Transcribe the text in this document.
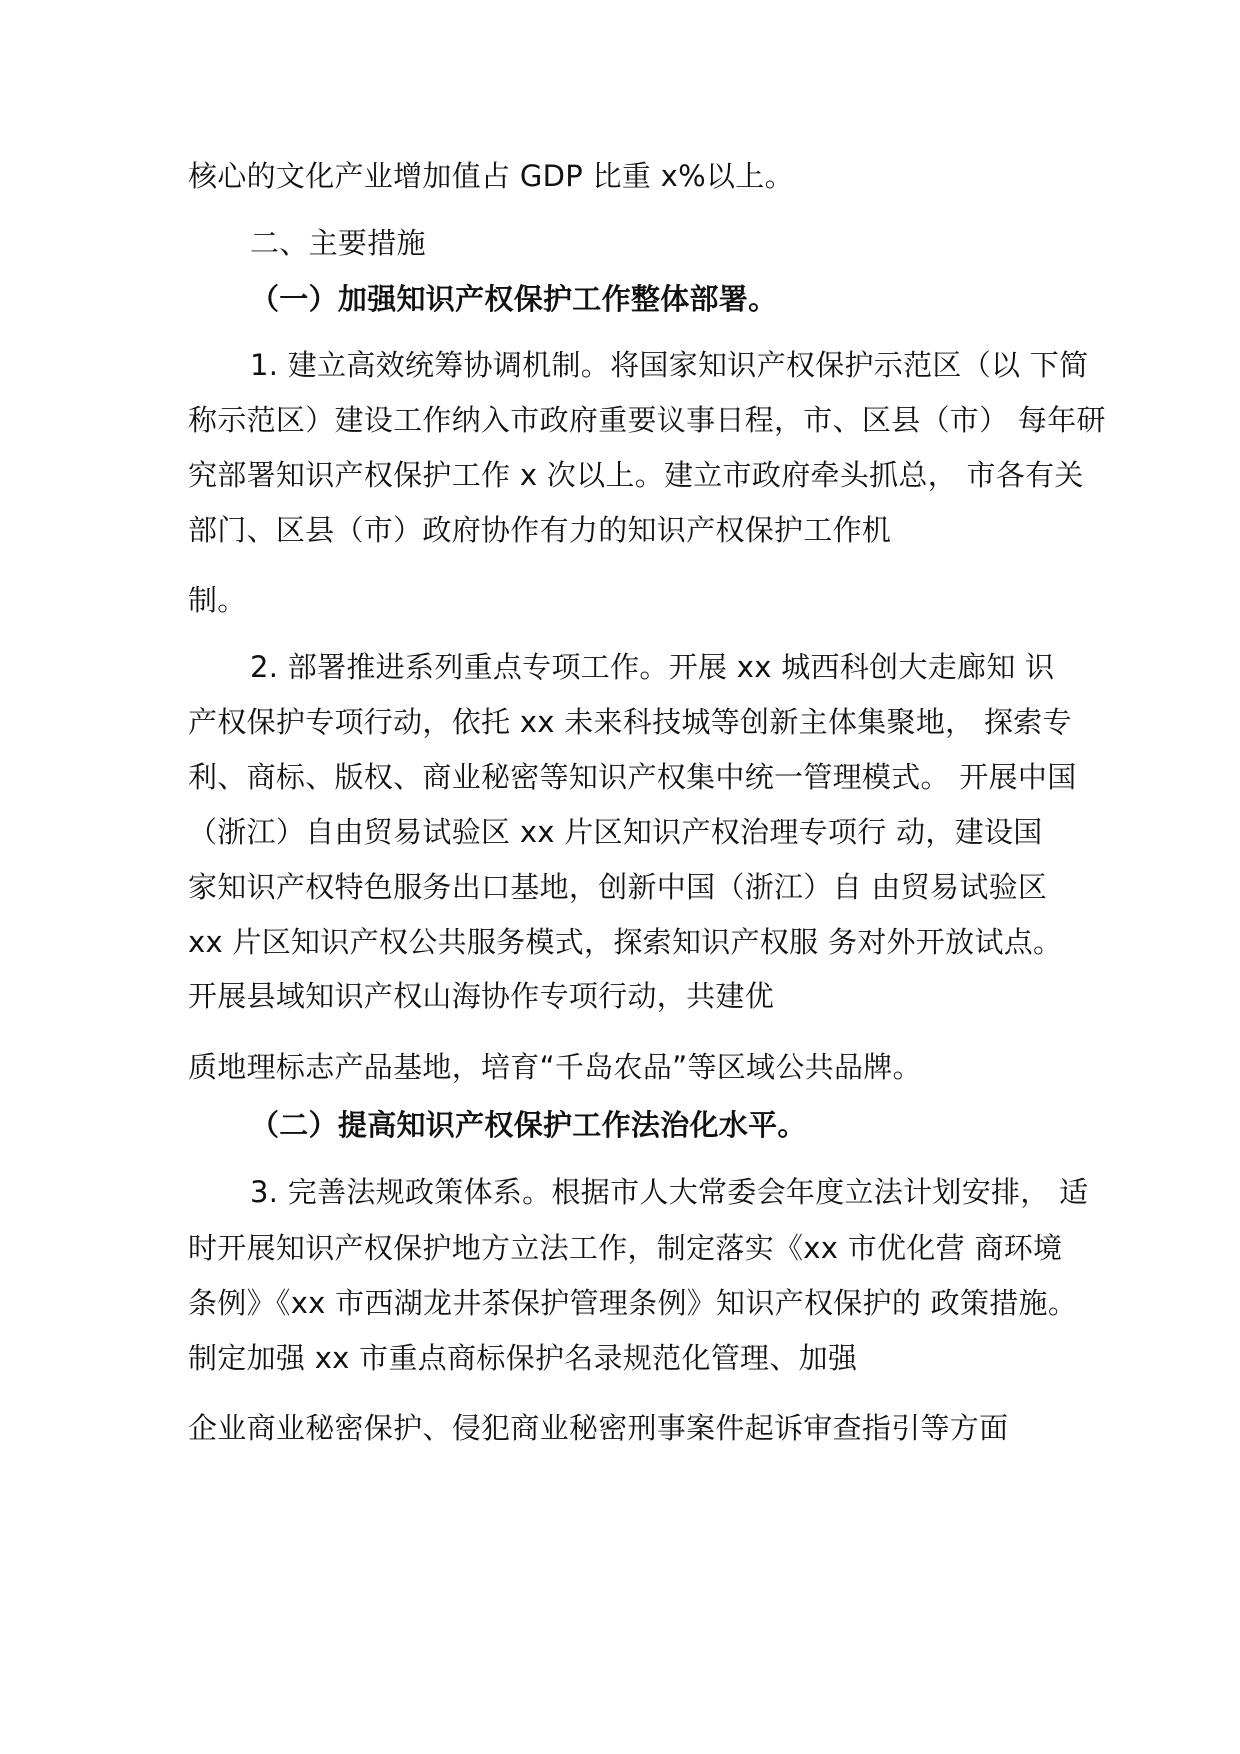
核心的文化产业增加值占 GDP 比重 x%以上。
二、主要措施
（一）加强知识产权保护工作整体部署。
1. 建立高效统筹协调机制。将国家知识产权保护示范区（以 下简
称示范区）建设工作纳入市政府重要议事日程，市、区县（市） 每年研
究部署知识产权保护工作 x 次以上。建立市政府牵头抓总， 市各有关
部门、区县（市）政府协作有力的知识产权保护工作机
制。
2. 部署推进系列重点专项工作。开展 xx 城西科创大走廊知 识
产权保护专项行动，依托 xx 未来科技城等创新主体集聚地， 探索专
利、商标、版权、商业秘密等知识产权集中统一管理模式。 开展中国
（浙江）自由贸易试验区 xx 片区知识产权治理专项行 动，建设国
家知识产权特色服务出口基地，创新中国（浙江）自 由贸易试验区
xx 片区知识产权公共服务模式，探索知识产权服 务对外开放试点。
开展县域知识产权山海协作专项行动，共建优
质地理标志产品基地，培育“千岛农品”等区域公共品牌。
（二）提高知识产权保护工作法治化水平。
3. 完善法规政策体系。根据市人大常委会年度立法计划安排， 适
时开展知识产权保护地方立法工作，制定落实《xx 市优化营 商环境
条例》《xx 市西湖龙井茶保护管理条例》知识产权保护的 政策措施。
制定加强 xx 市重点商标保护名录规范化管理、加强
企业商业秘密保护、侵犯商业秘密刑事案件起诉审查指引等方面
